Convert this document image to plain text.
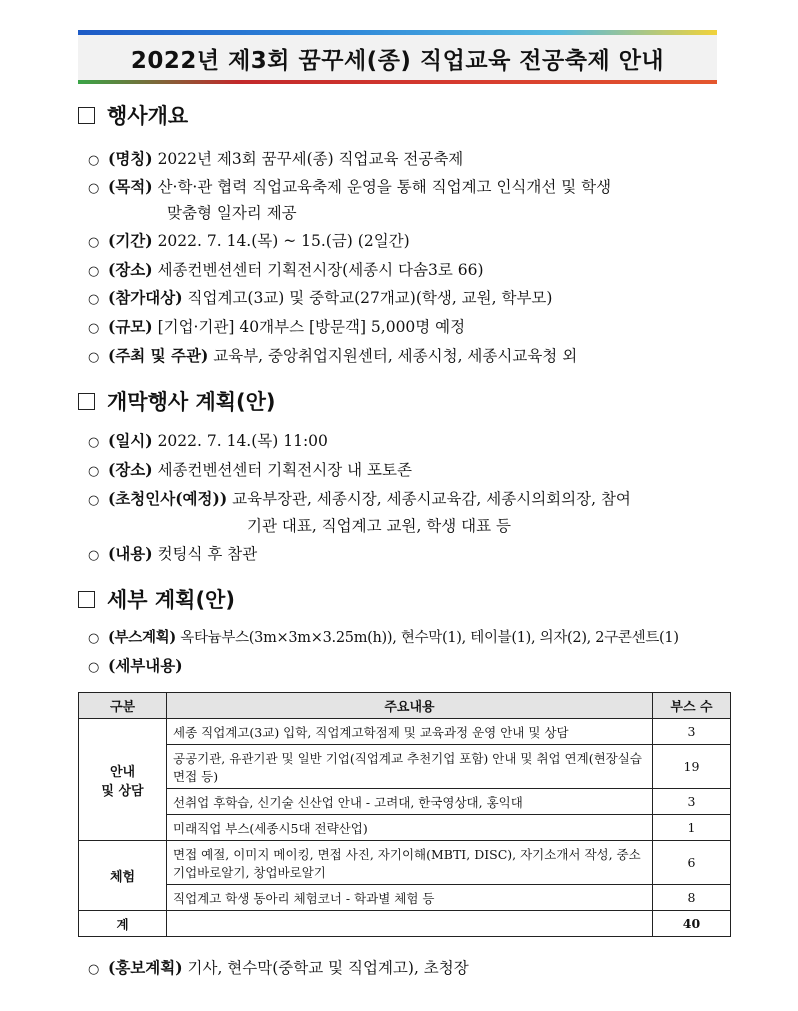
2022년 제3회 꿈꾸세(종) 직업교육 전공축제 안내
행사개요
○ (명칭) 2022년 제3회 꿈꾸세(종) 직업교육 전공축제
○ (목적) 산·학·관 협력 직업교육축제 운영을 통해 직업계고 인식개선 및 학생
맞춤형 일자리 제공
○ (기간) 2022. 7. 14.(목) ~ 15.(금) (2일간)
○ (장소) 세종컨벤션센터 기획전시장(세종시 다솜3로 66)
○ (참가대상) 직업계고(3교) 및 중학교(27개교)(학생, 교원, 학부모)
○ (규모) [기업·기관] 40개부스 [방문객] 5,000명 예정
○ (주최 및 주관) 교육부, 중앙취업지원센터, 세종시청, 세종시교육청 외
개막행사 계획(안)
○ (일시) 2022. 7. 14.(목) 11:00
○ (장소) 세종컨벤션센터 기획전시장 내 포토존
○ (초청인사(예정)) 교육부장관, 세종시장, 세종시교육감, 세종시의회의장, 참여
기관 대표, 직업계고 교원, 학생 대표 등
○ (내용) 컷팅식 후 참관
세부 계획(안)
○ (부스계획) 옥타늄부스(3m×3m×3.25m(h)), 현수막(1), 테이블(1), 의자(2), 2구콘센트(1)
○ (세부내용)
구분	주요내용	부스 수
안내
및 상담	세종 직업계고(3교) 입학, 직업계고학점제 및 교육과정 운영 안내 및 상담	3
	공공기관, 유관기관 및 일반 기업(직업계교 추천기업 포함) 안내 및 취업 연계(현장실습 면접 등)	19
	선취업 후학습, 신기술 신산업 안내 - 고려대, 한국영상대, 홍익대	3
	미래직업 부스(세종시5대 전략산업)	1
체험	면접 예절, 이미지 메이킹, 면접 사진, 자기이해(MBTI, DISC), 자기소개서 작성, 중소기업바로알기, 창업바로알기	6
	직업계고 학생 동아리 체험코너 - 학과별 체험 등	8
계		40
○ (홍보계획) 기사, 현수막(중학교 및 직업계고), 초청장
